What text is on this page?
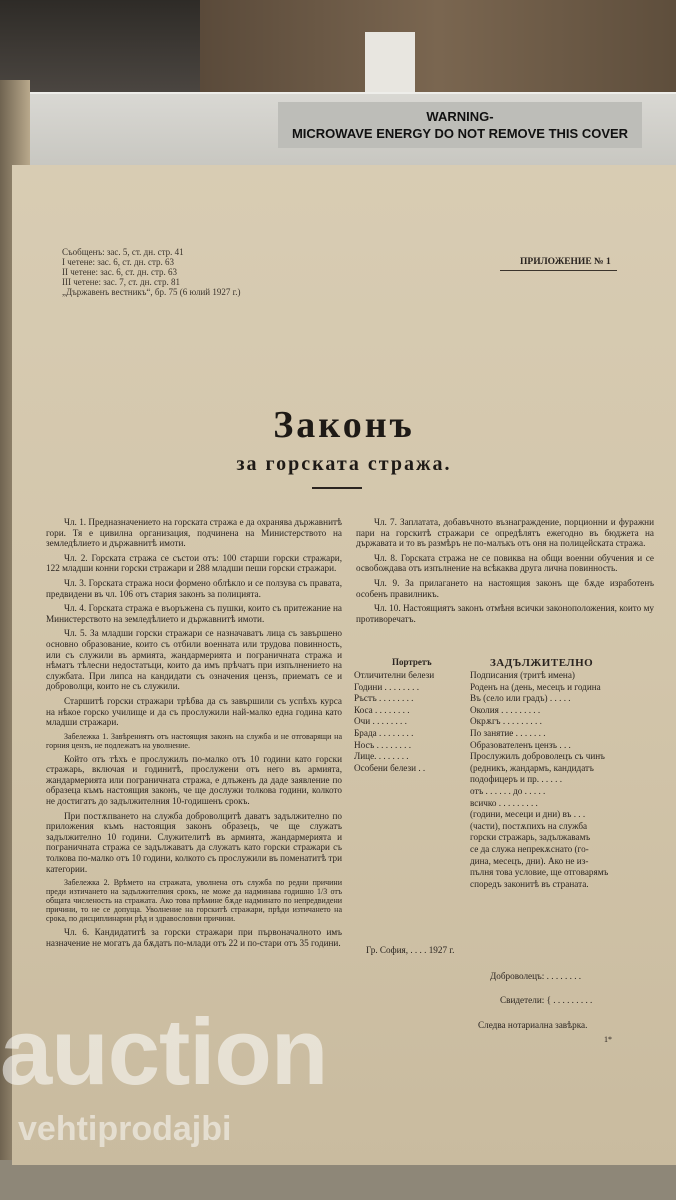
WARNING-
MICROWAVE ENERGY DO NOT REMOVE THIS COVER
Съобщенъ: зас. 5, ст. дн. стр. 41
I четене: зас. 6, ст. дн. стр. 63
II четене: зас. 6, ст. дн. стр. 63
III четене: зас. 7, ст. дн. стр. 81
„Държавенъ вестникъ“, бр. 75 (6 юлий 1927 г.)
ПРИЛОЖЕНИЕ № 1
Законъ
за горската стража.

Чл. 1. Предназначението на горската стража е да охранява държавнитѣ гори. Тя е цивилна организация, подчинена на Министерството на земледѣлието и държавнитѣ имоти.

Чл. 2. Горската стража се състои отъ: 100 старши горски стражари, 122 младши конни горски стражари и 288 младши пеши горски стражари.

Чл. 3. Горската стража носи форменo облѣкло и се ползува съ правата, предвидени въ чл. 106 отъ стария законъ за полицията.

Чл. 4. Горската стража е въоръжена съ пушки, които съ притежание на Министерството на земледѣлието и държавнитѣ имоти.

Чл. 5. За младши горски стражари се назначаватъ лица съ завършено основно образование, които съ отбили военната или трудова повинность, или съ служили въ армията, жандармерията и пограничната стража и нѣматъ тѣлесни недостатъци, които да имъ прѣчатъ при изпълнението на службата. При липса на кандидати съ означения цензъ, приематъ се и доброволци, които не съ служили.

Старшитѣ горски стражари трѣбва да съ завършили съ успѣхъ курса на нѣкое горско училище и да съ прослужили най-малко една година като младши стражари.

Забележка 1. Завѣрениятъ отъ настоящия законъ на служба и не отговарящи на горния цензъ, не подлежатъ на уволнение.

Който отъ тѣхъ е прослужилъ по-малко отъ 10 години като горски стражарь, включая и годинитѣ, прослужени отъ него въ армията, жандармерията или пограничната стража, е длъженъ да даде заявление по образеца къмъ настоящия законъ, че ще дослужи толкова години, колкото не достигатъ до задължителния 10-годишенъ срокъ.

При постѫпването на служба доброволцитѣ даватъ задължително по приложения къмъ настоящия законъ образецъ, че ще служатъ задължително 10 години. Служителитѣ въ армията, жандармерията и пограничната стража се задължаватъ да служатъ като горски стражари съ толкова по-малко отъ 10 години, колкото съ прослужили въ поменатитѣ три категории.

Забележка 2. Врѣмето на стражата, уволнена отъ служба по редни причини преди изтичането на задължителния срокъ, не може да надминава годишно 1/3 отъ общата численость на стражата. Ако това прѣмине бѫде надминато по непредвидени причини, то не се допуща. Уволнение на горскитѣ стражари, прѣди изтичането на срока, по дисциплинарни рѣд и здравословни причини.

Чл. 6. Кандидатитѣ за горски стражари при първоначалното имъ назначение не могатъ да бѫдатъ по-млади отъ 22 и по-стари отъ 35 години.

Чл. 7. Заплатата, добавъчното възнаграждение, порционни и фуражни пари на горскитѣ стражари се опредѣлятъ ежегодно въ бюджета на държавата и то въ размѣръ не по-малъкъ отъ оня на полицейската стража.

Чл. 8. Горската стража не се повиква на общи военни обучения и се освобождава отъ изпълнение на всѣкаква друга лична повинность.

Чл. 9. За прилагането на настоящия законъ ще бѫде изработенъ особенъ правилникъ.

Чл. 10. Настоящиятъ законъ отмѣня всички законоположения, които му противоречатъ.

Портретъ	ЗАДЪЛЖИТЕЛНО
Отличителни белези
Години . . . . . . . .
Ръстъ . . . . . . . .
Коса . . . . . . . .
Очи . . . . . . . .
Брада . . . . . . . .
Носъ . . . . . . . .
Лице. . . . . . . .
Особени белези . .
Подписания (тритѣ имена)
Роденъ на (день, месецъ и година
Въ (село или градъ) . . . . .
Околия . . . . . . . . .
Окрѫгъ . . . . . . . . .
По занятие . . . . . . .
Образователенъ цензъ . . .
Прослужилъ доброволецъ съ чинъ
(редникъ, жандармъ, кандидатъ
подофицеръ и пр. . . . . .
отъ . . . . . . до . . . . .
всичко . . . . . . . . .
(години, месеци и дни) въ . . .
(части), постѫпихъ на служба
горски стражарь, задължавамъ
се да служа непрекѫснато (го-
дина, месецъ, дни). Ако не из-
пълня това условие, ще отговарямъ
споредъ законитѣ въ страната.
Гр. София, . . . . 1927 г.
Доброволецъ: . . . . . . . .
Свидетели: { . . . . . . . . .
Следва нотариална завѣрка.
1*
auction
vehtiprodajbi
